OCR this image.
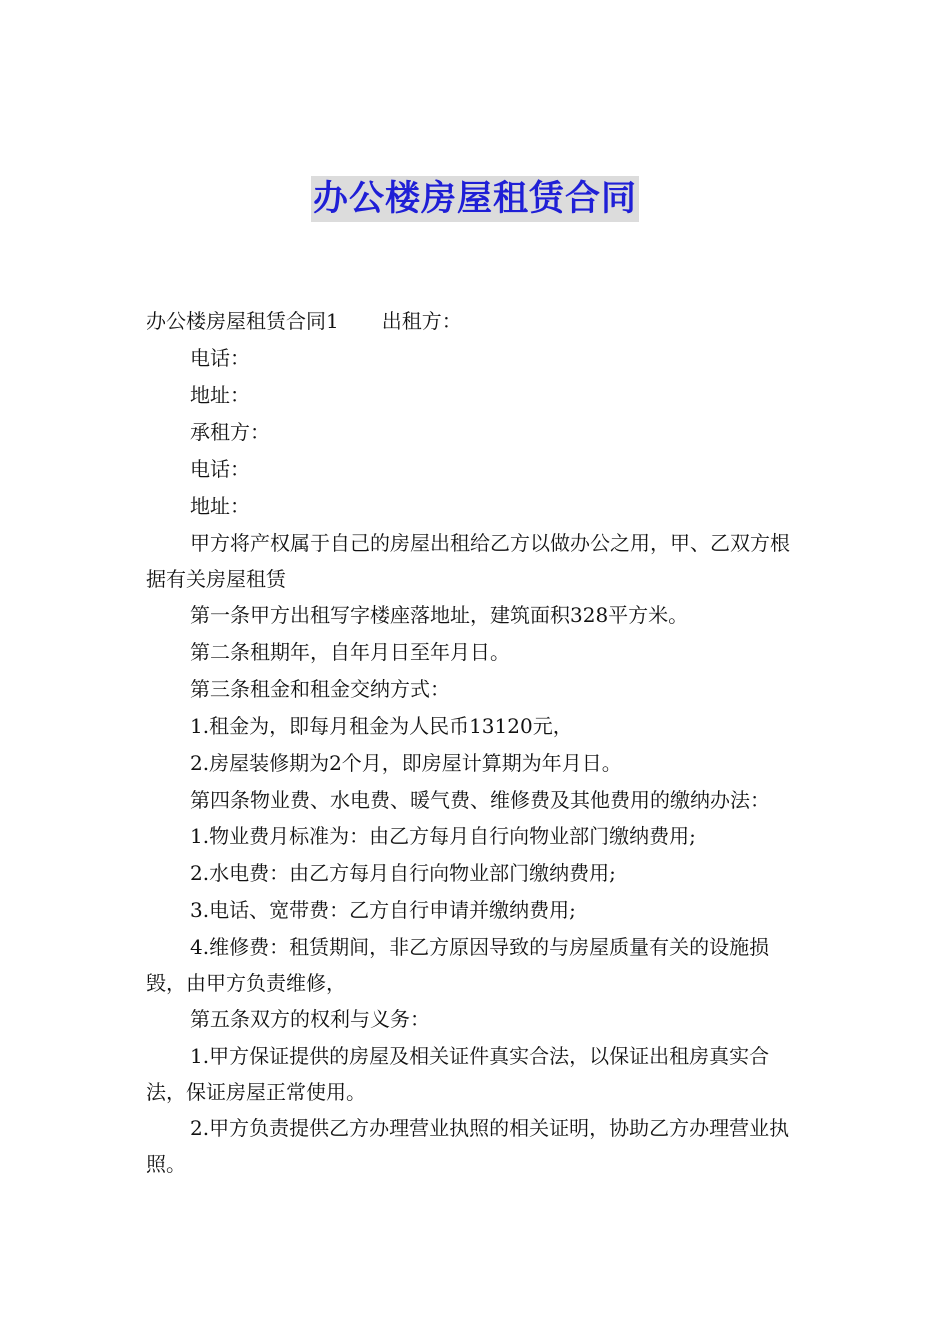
办公楼房屋租赁合同

办公楼房屋租赁合同1 出租方：

电话：

地址：

承租方：

电话：

地址：

甲方将产权属于自己的房屋出租给乙方以做办公之用，甲、乙双方根据有关房屋租赁

第一条甲方出租写字楼座落地址，建筑面积328平方米。

第二条租期年，自年月日至年月日。

第三条租金和租金交纳方式：

1.租金为，即每月租金为人民币13120元，

2.房屋装修期为2个月，即房屋计算期为年月日。

第四条物业费、水电费、暖气费、维修费及其他费用的缴纳办法：

1.物业费月标准为：由乙方每月自行向物业部门缴纳费用;

2.水电费：由乙方每月自行向物业部门缴纳费用;

3.电话、宽带费：乙方自行申请并缴纳费用;

4.维修费：租赁期间，非乙方原因导致的与房屋质量有关的设施损毁，由甲方负责维修，

第五条双方的权利与义务：

1.甲方保证提供的房屋及相关证件真实合法，以保证出租房真实合法，保证房屋正常使用。

2.甲方负责提供乙方办理营业执照的相关证明，协助乙方办理营业执照。
